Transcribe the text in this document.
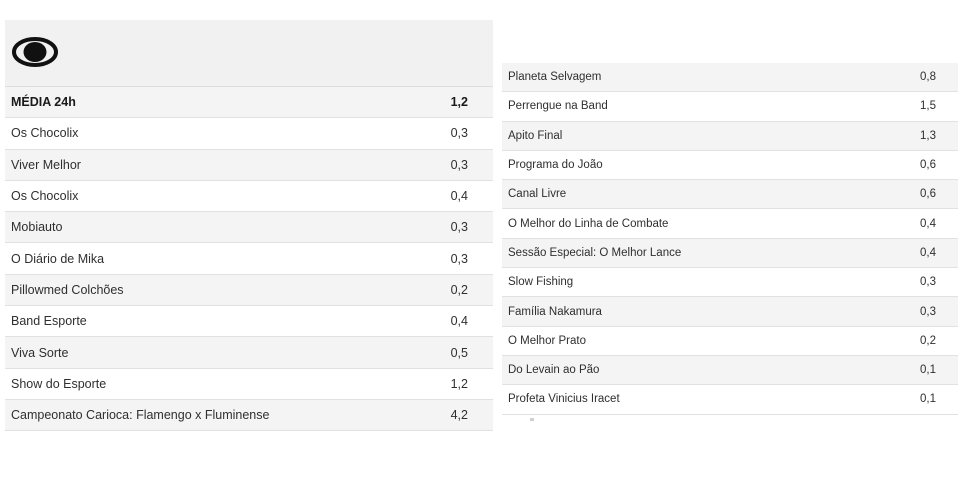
MÉDIA 24h	1,2
Os Chocolix	0,3
Viver Melhor	0,3
Os Chocolix	0,4
Mobiauto	0,3
O Diário de Mika	0,3
Pillowmed Colchões	0,2
Band Esporte	0,4
Viva Sorte	0,5
Show do Esporte	1,2
Campeonato Carioca: Flamengo x Fluminense	4,2
Planeta Selvagem	0,8
Perrengue na Band	1,5
Apito Final	1,3
Programa do João	0,6
Canal Livre	0,6
O Melhor do Linha de Combate	0,4
Sessão Especial: O Melhor Lance	0,4
Slow Fishing	0,3
Família Nakamura	0,3
O Melhor Prato	0,2
Do Levain ao Pão	0,1
Profeta Vinicius Iracet	0,1
